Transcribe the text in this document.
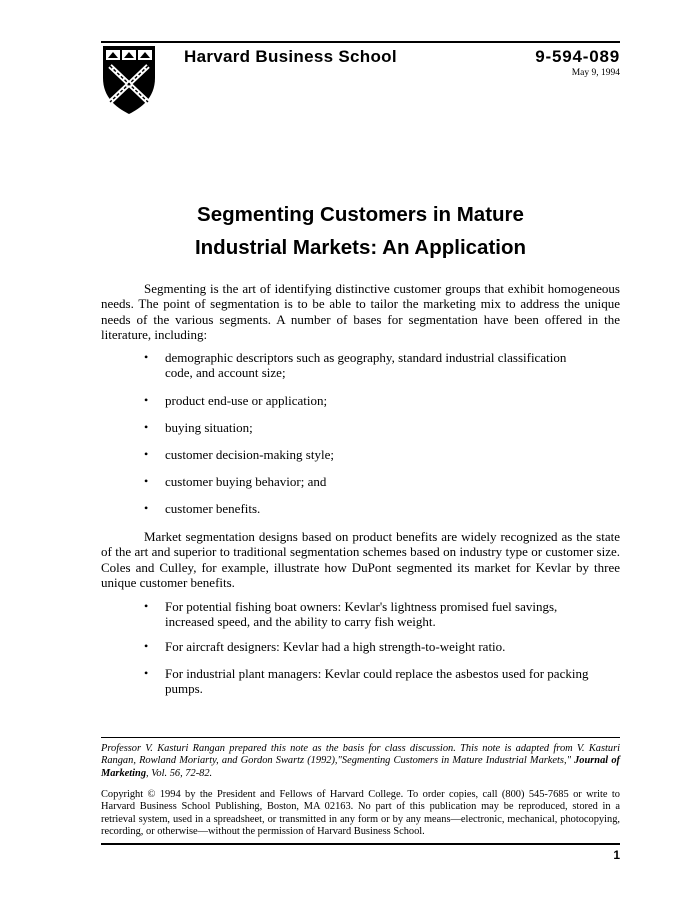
Harvard Business School	9-594-089
May 9, 1994
Segmenting Customers in Mature
Industrial Markets: An Application

Segmenting is the art of identifying distinctive customer groups that exhibit homogeneous needs. The point of segmentation is to be able to tailor the marketing mix to address the unique needs of the various segments. A number of bases for segmentation have been offered in the literature, including:

•	demographic descriptors such as geography, standard industrial classification code, and account size;
•	product end-use or application;
•	buying situation;
•	customer decision-making style;
•	customer buying behavior; and
•	customer benefits.

Market segmentation designs based on product benefits are widely recognized as the state of the art and superior to traditional segmentation schemes based on industry type or customer size. Coles and Culley, for example, illustrate how DuPont segmented its market for Kevlar by three unique customer benefits.

•	For potential fishing boat owners: Kevlar's lightness promised fuel savings, increased speed, and the ability to carry fish weight.
•	For aircraft designers: Kevlar had a high strength-to-weight ratio.
•	For industrial plant managers: Kevlar could replace the asbestos used for packing pumps.

Professor V. Kasturi Rangan prepared this note as the basis for class discussion. This note is adapted from V. Kasturi Rangan, Rowland Moriarty, and Gordon Swartz (1992),"Segmenting Customers in Mature Industrial Markets," Journal of Marketing, Vol. 56, 72-82.

Copyright © 1994 by the President and Fellows of Harvard College. To order copies, call (800) 545-7685 or write to Harvard Business School Publishing, Boston, MA 02163. No part of this publication may be reproduced, stored in a retrieval system, used in a spreadsheet, or transmitted in any form or by any means—electronic, mechanical, photocopying, recording, or otherwise—without the permission of Harvard Business School.

1
